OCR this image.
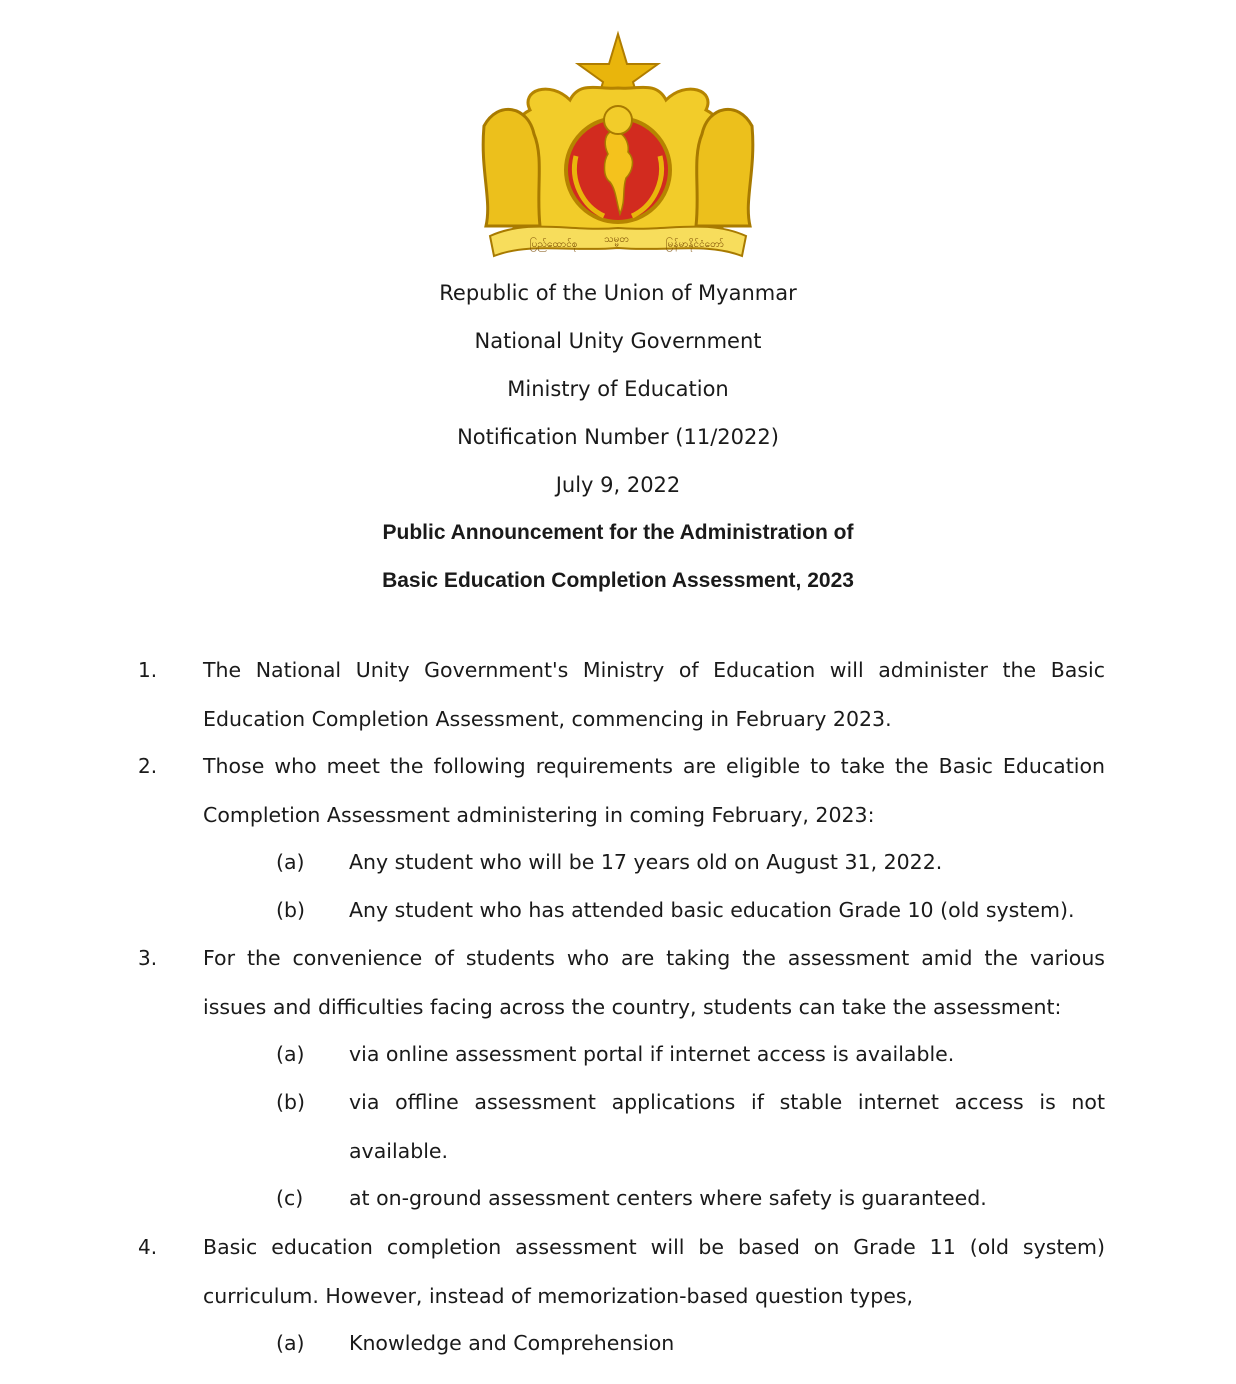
ပြည်ထောင်စု	သမ္မတ	မြန်မာနိုင်ငံတော်
Republic of the Union of Myanmar
National Unity Government
Ministry of Education
Notification Number (11/2022)
July 9, 2022
Public Announcement for the Administration of
Basic Education Completion Assessment, 2023
1. The National Unity Government's Ministry of Education will administer the Basic Education Completion Assessment, commencing in February 2023.
2. Those who meet the following requirements are eligible to take the Basic Education Completion Assessment administering in coming February, 2023:
(a) Any student who will be 17 years old on August 31, 2022.
(b) Any student who has attended basic education Grade 10 (old system).
3. For the convenience of students who are taking the assessment amid the various issues and difficulties facing across the country, students can take the assessment:
(a) via online assessment portal if internet access is available.
(b) via offline assessment applications if stable internet access is not available.
(c) at on-ground assessment centers where safety is guaranteed.
4. Basic education completion assessment will be based on Grade 11 (old system) curriculum. However, instead of memorization-based question types,
(a) Knowledge and Comprehension
